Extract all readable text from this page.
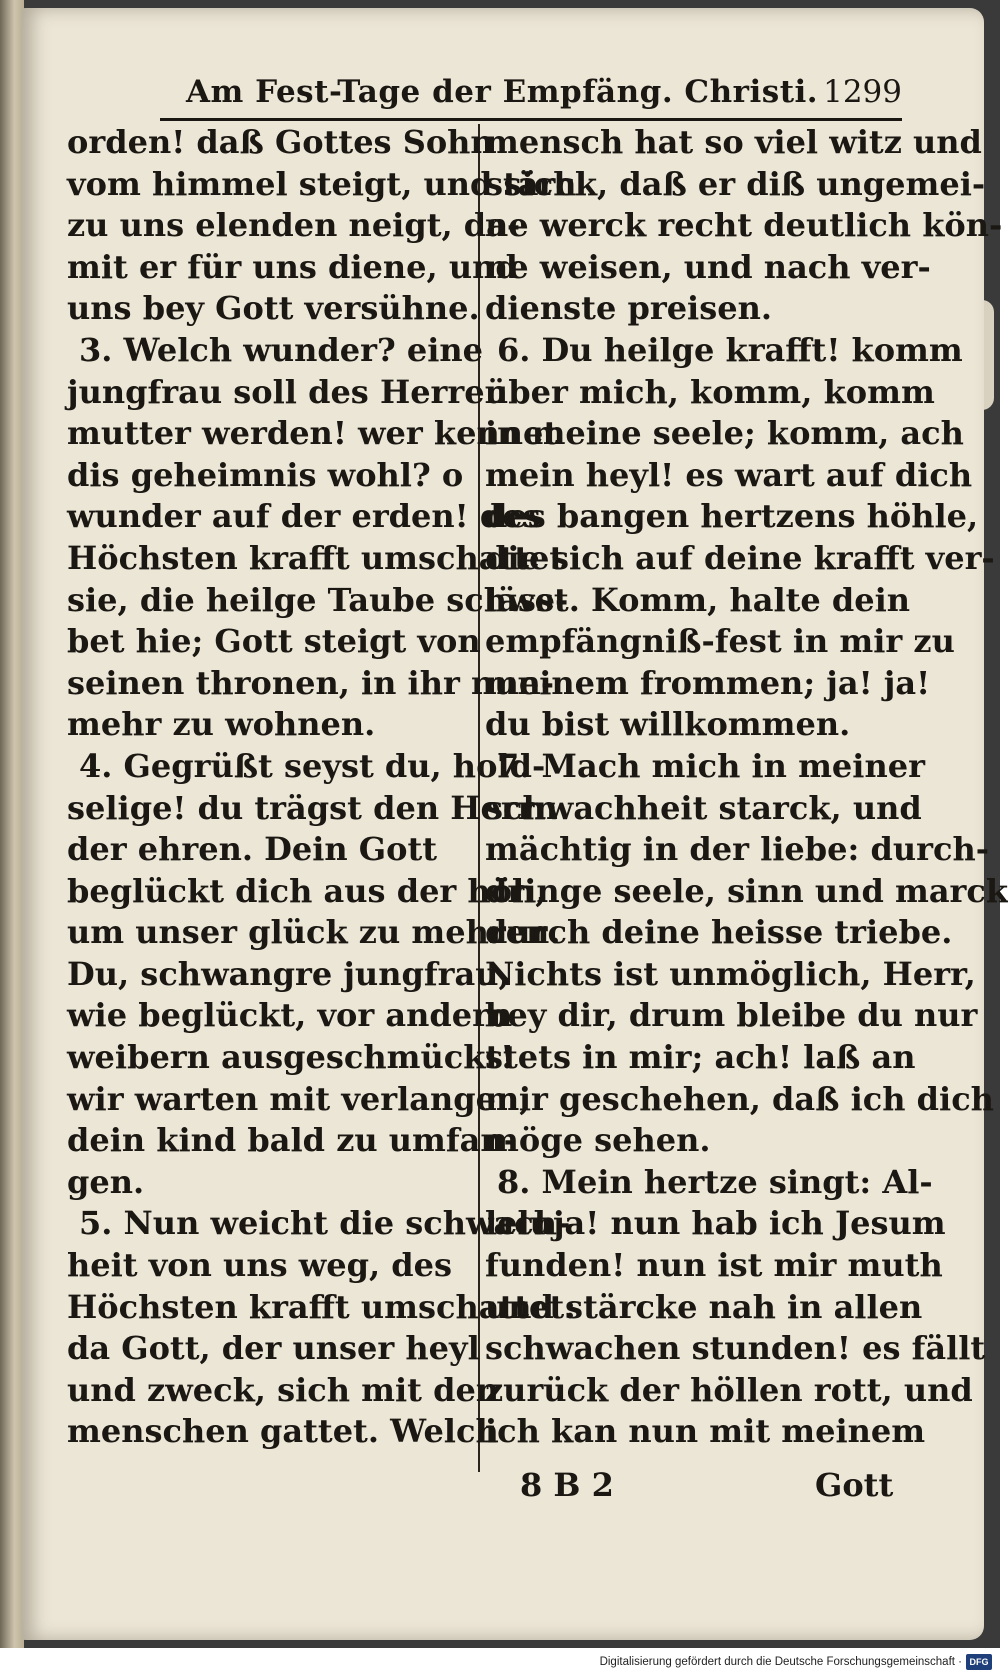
Am Fest-Tage der Empfäng. Christi. 1299
orden! daß Gottes Sohn
vom himmel steigt, und sich
zu uns elenden neigt, da-
mit er für uns diene, und
uns bey Gott versühne.
3. Welch wunder? eine
jungfrau soll des Herren
mutter werden! wer kennet
dis geheimnis wohl? o
wunder auf der erden! des
Höchsten krafft umschattet
sie, die heilge Taube schwe-
bet hie; Gott steigt von
seinen thronen, in ihr nun-
mehr zu wohnen.
4. Gegrüßt seyst du, hold-
selige! du trägst den Herrn
der ehren. Dein Gott
beglückt dich aus der höh,
um unser glück zu mehren.
Du, schwangre jungfrau,
wie beglückt, vor andern
weibern ausgeschmückt!
wir warten mit verlangen,
dein kind bald zu umfan-
gen.
5. Nun weicht die schwach-
heit von uns weg, des
Höchsten krafft umschattet:
da Gott, der unser heyl
und zweck, sich mit den
menschen gattet. Welch
mensch hat so viel witz und
stärck, daß er diß ungemei-
ne werck recht deutlich kön-
ne weisen, und nach ver-
dienste preisen.
6. Du heilge krafft! komm
über mich, komm, komm
in meine seele; komm, ach
mein heyl! es wart auf dich
des bangen hertzens höhle,
die sich auf deine krafft ver-
lässt. Komm, halte dein
empfängniß-fest in mir zu
meinem frommen; ja! ja!
du bist willkommen.
7. Mach mich in meiner
schwachheit starck, und
mächtig in der liebe: durch-
dringe seele, sinn und marck
durch deine heisse triebe.
Nichts ist unmöglich, Herr,
bey dir, drum bleibe du nur
stets in mir; ach! laß an
mir geschehen, daß ich dich
möge sehen.
8. Mein hertze singt: Al-
leluja! nun hab ich Jesum
funden! nun ist mir muth
und stärcke nah in allen
schwachen stunden! es fällt
zurück der höllen rott, und
ich kan nun mit meinem
8 B 2	Gott
Digitalisierung gefördert durch die Deutsche Forschungsgemeinschaft · DFG
